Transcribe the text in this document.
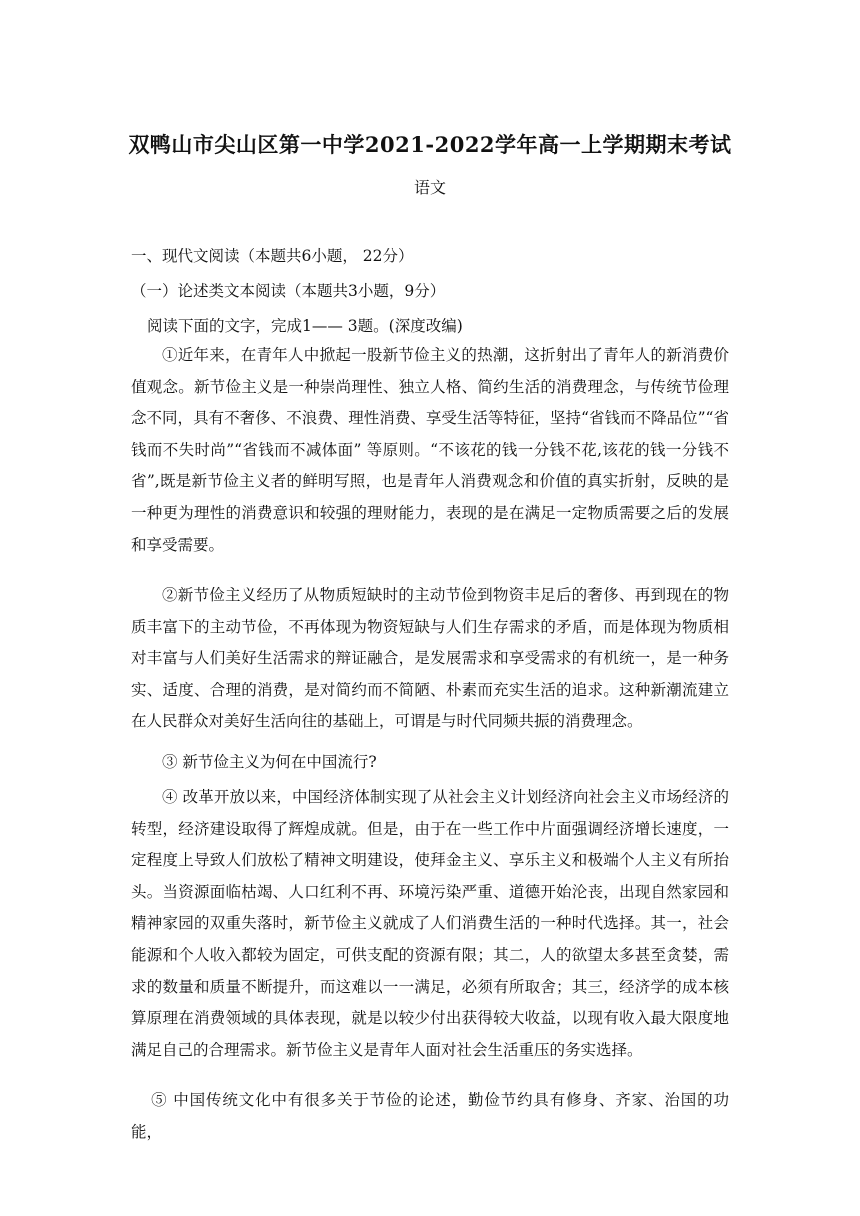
双鸭山市尖山区第一中学2021-2022学年高一上学期期末考试
语文
一、现代文阅读（本题共6小题， 22分）
（一）论述类文本阅读（本题共3小题，9分）
阅读下面的文字，完成1—— 3题。(深度改编)
①近年来，在青年人中掀起一股新节俭主义的热潮，这折射出了青年人的新消费价值观念。新节俭主义是一种崇尚理性、独立人格、简约生活的消费理念，与传统节俭理念不同，具有不奢侈、不浪费、理性消费、享受生活等特征，坚持“省钱而不降品位”“省钱而不失时尚”“省钱而不减体面” 等原则。“不该花的钱一分钱不花,该花的钱一分钱不省”,既是新节俭主义者的鲜明写照，也是青年人消费观念和价值的真实折射，反映的是一种更为理性的消费意识和较强的理财能力，表现的是在满足一定物质需要之后的发展和享受需要。
②新节俭主义经历了从物质短缺时的主动节俭到物资丰足后的奢侈、再到现在的物质丰富下的主动节俭，不再体现为物资短缺与人们生存需求的矛盾，而是体现为物质相对丰富与人们美好生活需求的辩证融合，是发展需求和享受需求的有机统一，是一种务实、适度、合理的消费，是对简约而不简陋、朴素而充实生活的追求。这种新潮流建立在人民群众对美好生活向往的基础上，可谓是与时代同频共振的消费理念。
③ 新节俭主义为何在中国流行?
④ 改革开放以来，中国经济体制实现了从社会主义计划经济向社会主义市场经济的转型，经济建设取得了辉煌成就。但是，由于在一些工作中片面强调经济增长速度，一定程度上导致人们放松了精神文明建设，使拜金主义、享乐主义和极端个人主义有所抬头。当资源面临枯竭、人口红利不再、环境污染严重、道德开始沦丧，出现自然家园和精神家园的双重失落时，新节俭主义就成了人们消费生活的一种时代选择。其一，社会能源和个人收入都较为固定，可供支配的资源有限；其二，人的欲望太多甚至贪婪，需求的数量和质量不断提升，而这难以一一满足，必须有所取舍；其三，经济学的成本核算原理在消费领域的具体表现，就是以较少付出获得较大收益，以现有收入最大限度地满足自己的合理需求。新节俭主义是青年人面对社会生活重压的务实选择。
⑤ 中国传统文化中有很多关于节俭的论述，勤俭节约具有修身、齐家、治国的功能，
